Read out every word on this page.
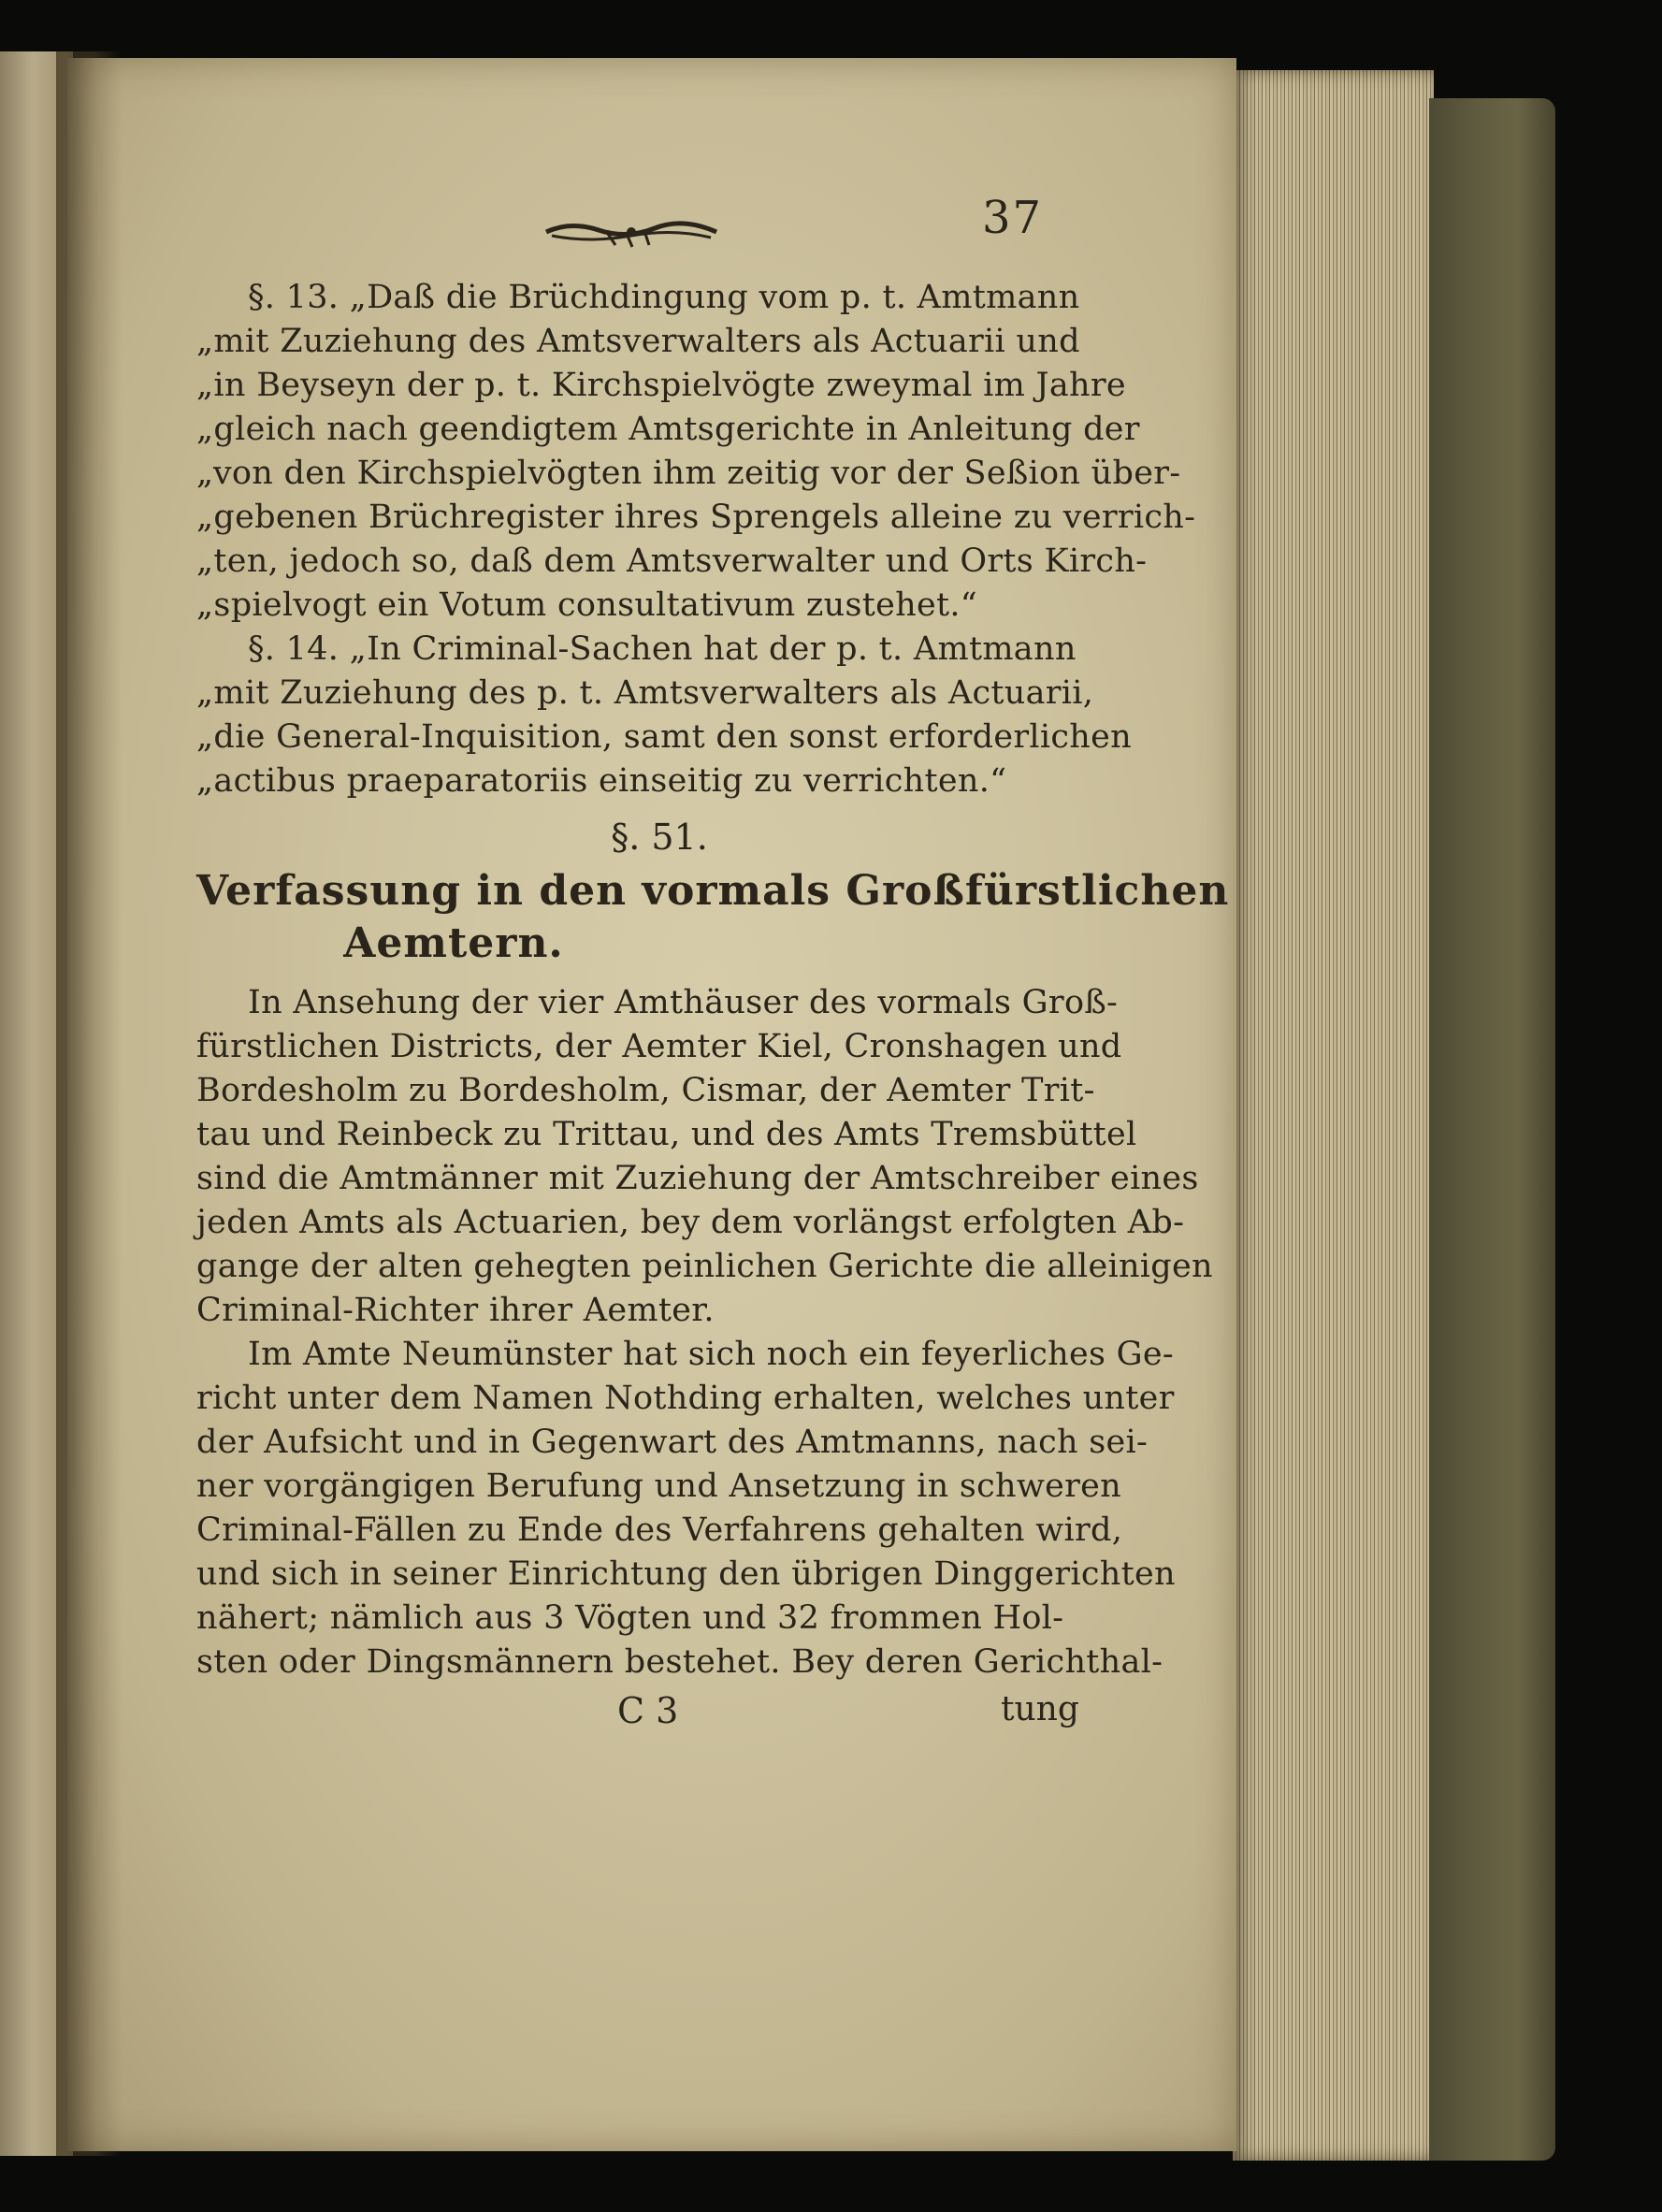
37
§. 13. „Daß die Brüchdingung vom p. t. Amtmann
„mit Zuziehung des Amtsverwalters als Actuarii und
„in Beyseyn der p. t. Kirchspielvögte zweymal im Jahre
„gleich nach geendigtem Amtsgerichte in Anleitung der
„von den Kirchspielvögten ihm zeitig vor der Seßion über-
„gebenen Brüchregister ihres Sprengels alleine zu verrich-
„ten, jedoch so, daß dem Amtsverwalter und Orts Kirch-
„spielvogt ein Votum consultativum zustehet.“
§. 14. „In Criminal-Sachen hat der p. t. Amtmann
„mit Zuziehung des p. t. Amtsverwalters als Actuarii,
„die General-Inquisition, samt den sonst erforderlichen
„actibus praeparatoriis einseitig zu verrichten.“
§. 51.
Verfassung in den vormals Großfürstlichen
Aemtern.
In Ansehung der vier Amthäuser des vormals Groß-
fürstlichen Districts, der Aemter Kiel, Cronshagen und
Bordesholm zu Bordesholm, Cismar, der Aemter Trit-
tau und Reinbeck zu Trittau, und des Amts Tremsbüttel
sind die Amtmänner mit Zuziehung der Amtschreiber eines
jeden Amts als Actuarien, bey dem vorlängst erfolgten Ab-
gange der alten gehegten peinlichen Gerichte die alleinigen
Criminal-Richter ihrer Aemter.
Im Amte Neumünster hat sich noch ein feyerliches Ge-
richt unter dem Namen Nothding erhalten, welches unter
der Aufsicht und in Gegenwart des Amtmanns, nach sei-
ner vorgängigen Berufung und Ansetzung in schweren
Criminal-Fällen zu Ende des Verfahrens gehalten wird,
und sich in seiner Einrichtung den übrigen Dinggerichten
nähert; nämlich aus 3 Vögten und 32 frommen Hol-
sten oder Dingsmännern bestehet. Bey deren Gerichthal-
C 3	tung
